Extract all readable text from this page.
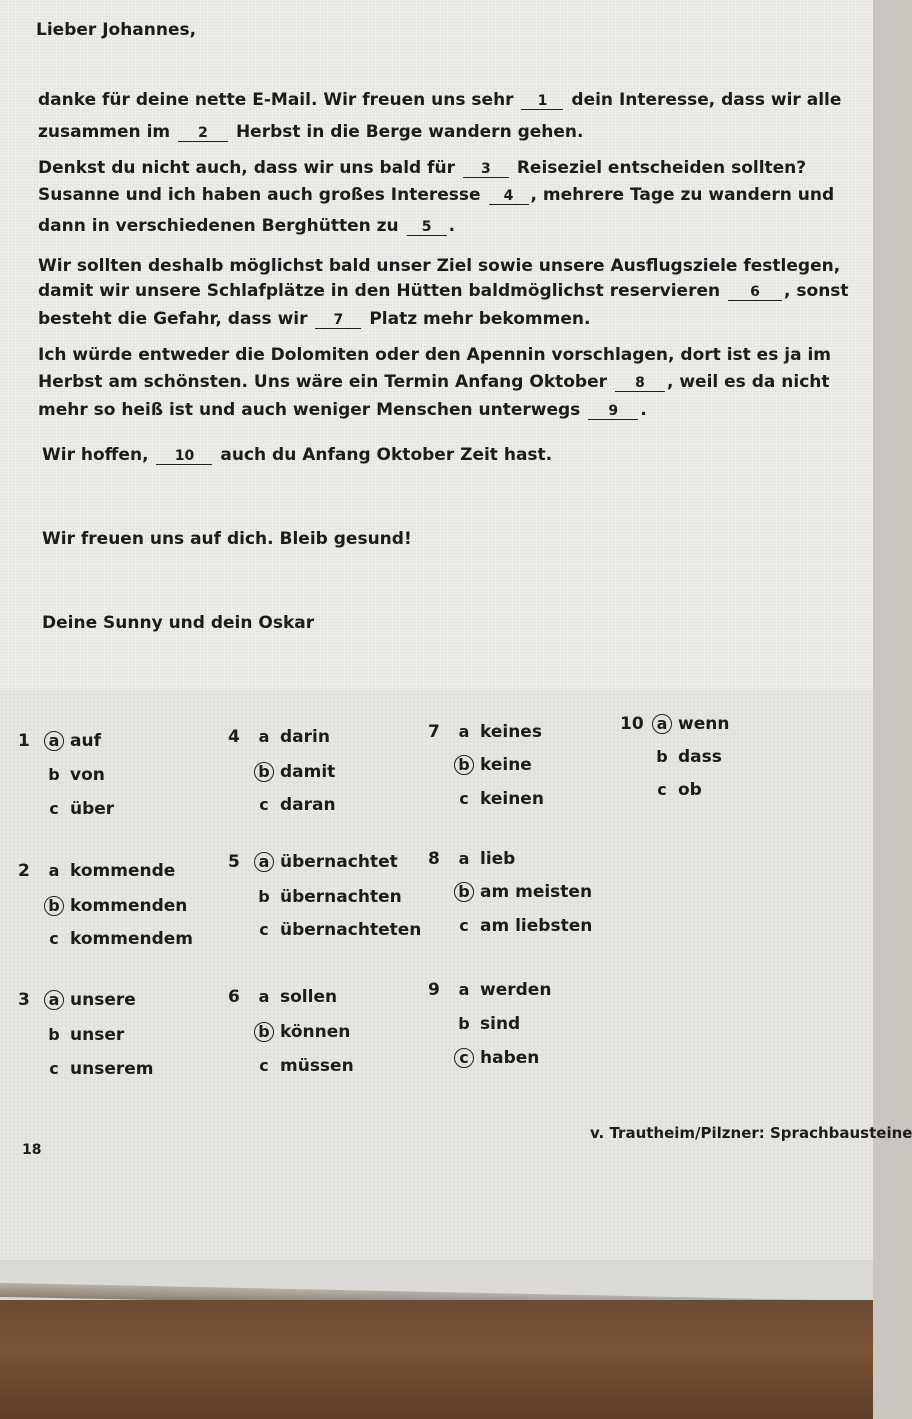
Lieber Johannes,
danke für deine nette E-Mail. Wir freuen uns sehr 1 dein Interesse, dass wir alle
zusammen im 2 Herbst in die Berge wandern gehen.
Denkst du nicht auch, dass wir uns bald für 3 Reiseziel entscheiden sollten?
Susanne und ich haben auch großes Interesse 4 , mehrere Tage zu wandern und
dann in verschiedenen Berghütten zu 5 .
Wir sollten deshalb möglichst bald unser Ziel sowie unsere Ausflugsziele festlegen,
damit wir unsere Schlafplätze in den Hütten baldmöglichst reservieren 6 , sonst
besteht die Gefahr, dass wir 7 Platz mehr bekommen.
Ich würde entweder die Dolomiten oder den Apennin vorschlagen, dort ist es ja im
Herbst am schönsten. Uns wäre ein Termin Anfang Oktober 8 , weil es da nicht
mehr so heiß ist und auch weniger Menschen unterwegs 9 .
Wir hoffen, 10 auch du Anfang Oktober Zeit hast.
Wir freuen uns auf dich. Bleib gesund!
Deine Sunny und dein Oskar
1 a auf
b von
c über
4 a darin
b damit
c daran
7 a keines
b keine
c keinen
10 a wenn
b dass
c ob
2 a kommende
b kommenden
c kommendem
5 a übernachtet
b übernachten
c übernachteten
8 a lieb
b am meisten
c am liebsten
3 a unsere
b unser
c unserem
6 a sollen
b können
c müssen
9 a werden
b sind
c haben
18
v. Trautheim/Pilzner: Sprachbausteine
